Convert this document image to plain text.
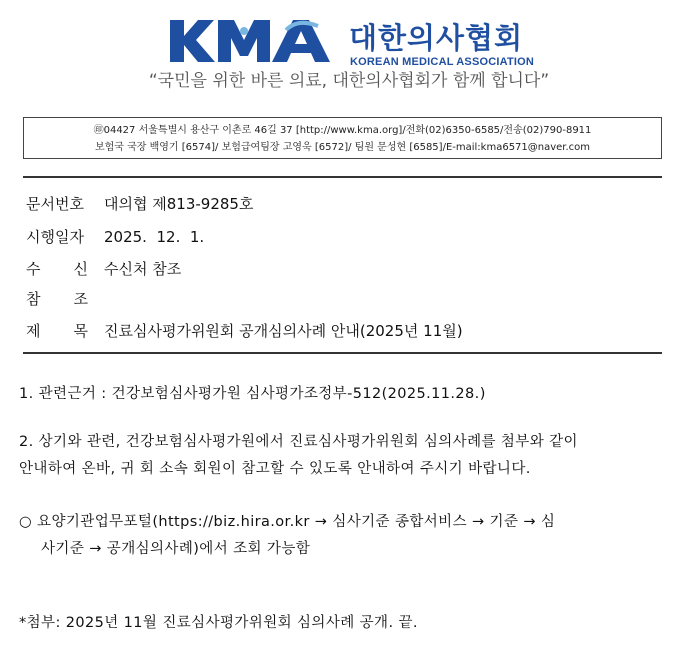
대한의사협회
KOREAN MEDICAL ASSOCIATION
“국민을 위한 바른 의료, 대한의사협회가 함께 합니다”
㊞04427 서울특별시 용산구 이촌로 46길 37 [http://www.kma.org]/전화(02)6350-6585/전송(02)790-8911
보험국 국장 백영기 [6574]/ 보험급여팀장 고영욱 [6572]/ 팀원 문성현 [6585]/E-mail:kma6571@naver.com
문서번호 대의협 제813-9285호
시행일자 2025.  12.  1.
수 신 수신처 참조
참 조
제 목 진료심사평가위원회 공개심의사례 안내(2025년 11월)
1. 관련근거 : 건강보험심사평가원 심사평가조정부-512(2025.11.28.)
2. 상기와 관련, 건강보험심사평가원에서 진료심사평가위원회 심의사례를 첨부와 같이
안내하여 온바, 귀 회 소속 회원이 참고할 수 있도록 안내하여 주시기 바랍니다.
○ 요양기관업무포털(https://biz.hira.or.kr → 심사기준 종합서비스 → 기준 → 심
사기준 → 공개심의사례)에서 조회 가능함
*첨부: 2025년 11월 진료심사평가위원회 심의사례 공개. 끝.
